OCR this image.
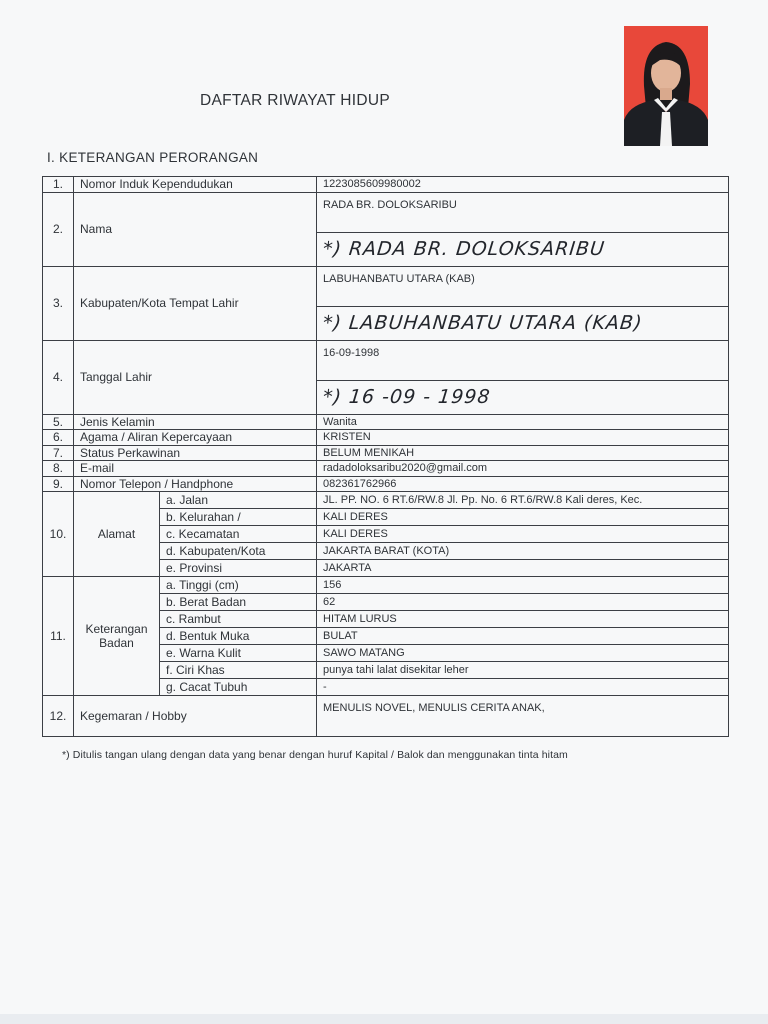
DAFTAR RIWAYAT HIDUP
I. KETERANGAN PERORANGAN
1.	Nomor Induk Kependudukan		1223085609980002
2.	Nama		RADA BR. DOLOKSARIBU
			*) RADA BR. DOLOKSARIBU
3.	Kabupaten/Kota Tempat Lahir		LABUHANBATU UTARA (KAB)
			*) LABUHANBATU UTARA (KAB)
4.	Tanggal Lahir		16-09-1998
			*) 16 -09 - 1998
5.	Jenis Kelamin		Wanita
6.	Agama / Aliran Kepercayaan		KRISTEN
7.	Status Perkawinan		BELUM MENIKAH
8.	E-mail		radadoloksaribu2020@gmail.com
9.	Nomor Telepon / Handphone		082361762966
10.	Alamat	a. Jalan	JL. PP. NO. 6 RT.6/RW.8 Jl. Pp. No. 6 RT.6/RW.8 Kali deres, Kec.
		b. Kelurahan /	KALI DERES
		c. Kecamatan	KALI DERES
		d. Kabupaten/Kota	JAKARTA BARAT (KOTA)
		e. Provinsi	JAKARTA
11.	Keterangan Badan	a. Tinggi (cm)	156
		b. Berat Badan	62
		c. Rambut	HITAM LURUS
		d. Bentuk Muka	BULAT
		e. Warna Kulit	SAWO MATANG
		f. Ciri Khas	punya tahi lalat disekitar leher
		g. Cacat Tubuh	-
12.	Kegemaran / Hobby		MENULIS NOVEL, MENULIS CERITA ANAK,
*) Ditulis tangan ulang dengan data yang benar dengan huruf Kapital / Balok dan menggunakan tinta hitam
